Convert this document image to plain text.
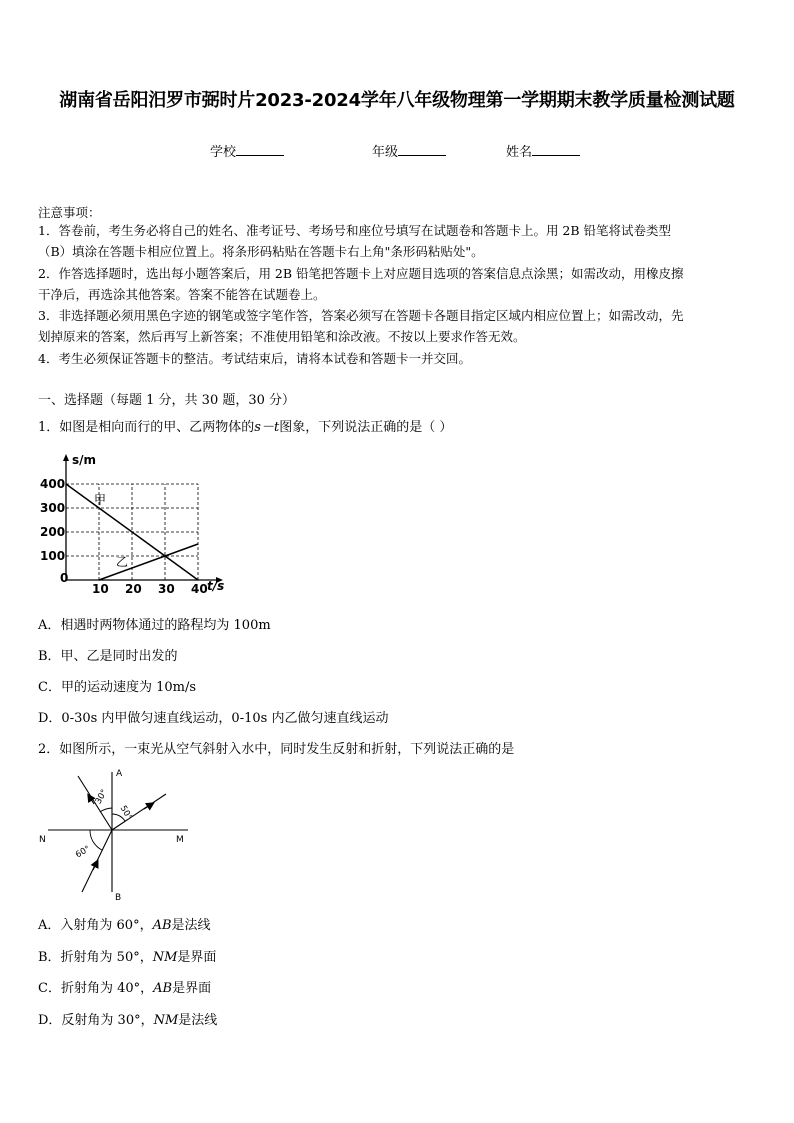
湖南省岳阳汨罗市弼时片2023-2024学年八年级物理第一学期期末教学质量检测试题
学校	年级	姓名
注意事项：

1．答卷前，考生务必将自己的姓名、准考证号、考场号和座位号填写在试题卷和答题卡上。用 2B 铅笔将试卷类型

（B）填涂在答题卡相应位置上。将条形码粘贴在答题卡右上角"条形码粘贴处"。

2．作答选择题时，选出每小题答案后，用 2B 铅笔把答题卡上对应题目选项的答案信息点涂黑；如需改动，用橡皮擦

干净后，再选涂其他答案。答案不能答在试题卷上。

3．非选择题必须用黑色字迹的钢笔或签字笔作答，答案必须写在答题卡各题目指定区域内相应位置上；如需改动，先

划掉原来的答案，然后再写上新答案；不准使用铅笔和涂改液。不按以上要求作答无效。

4．考生必须保证答题卡的整洁。考试结束后，请将本试卷和答题卡一并交回。

一、选择题（每题 1 分，共 30 题，30 分）
1．如图是相向而行的甲、乙两物体的s－t图象，下列说法正确的是（ ）
0
10 20 30 40
100
200
300
400
s/m
t/s
甲
乙
A．相遇时两物体通过的路程均为 100m
B．甲、乙是同时出发的
C．甲的运动速度为 10m/s
D．0-30s 内甲做匀速直线运动，0-10s 内乙做匀速直线运动
2．如图所示，一束光从空气斜射入水中，同时发生反射和折射，下列说法正确的是
A
B
N	M
30°
50°
60°
A．入射角为 60°，AB是法线
B．折射角为 50°，NM是界面
C．折射角为 40°，AB是界面
D．反射角为 30°，NM是法线
